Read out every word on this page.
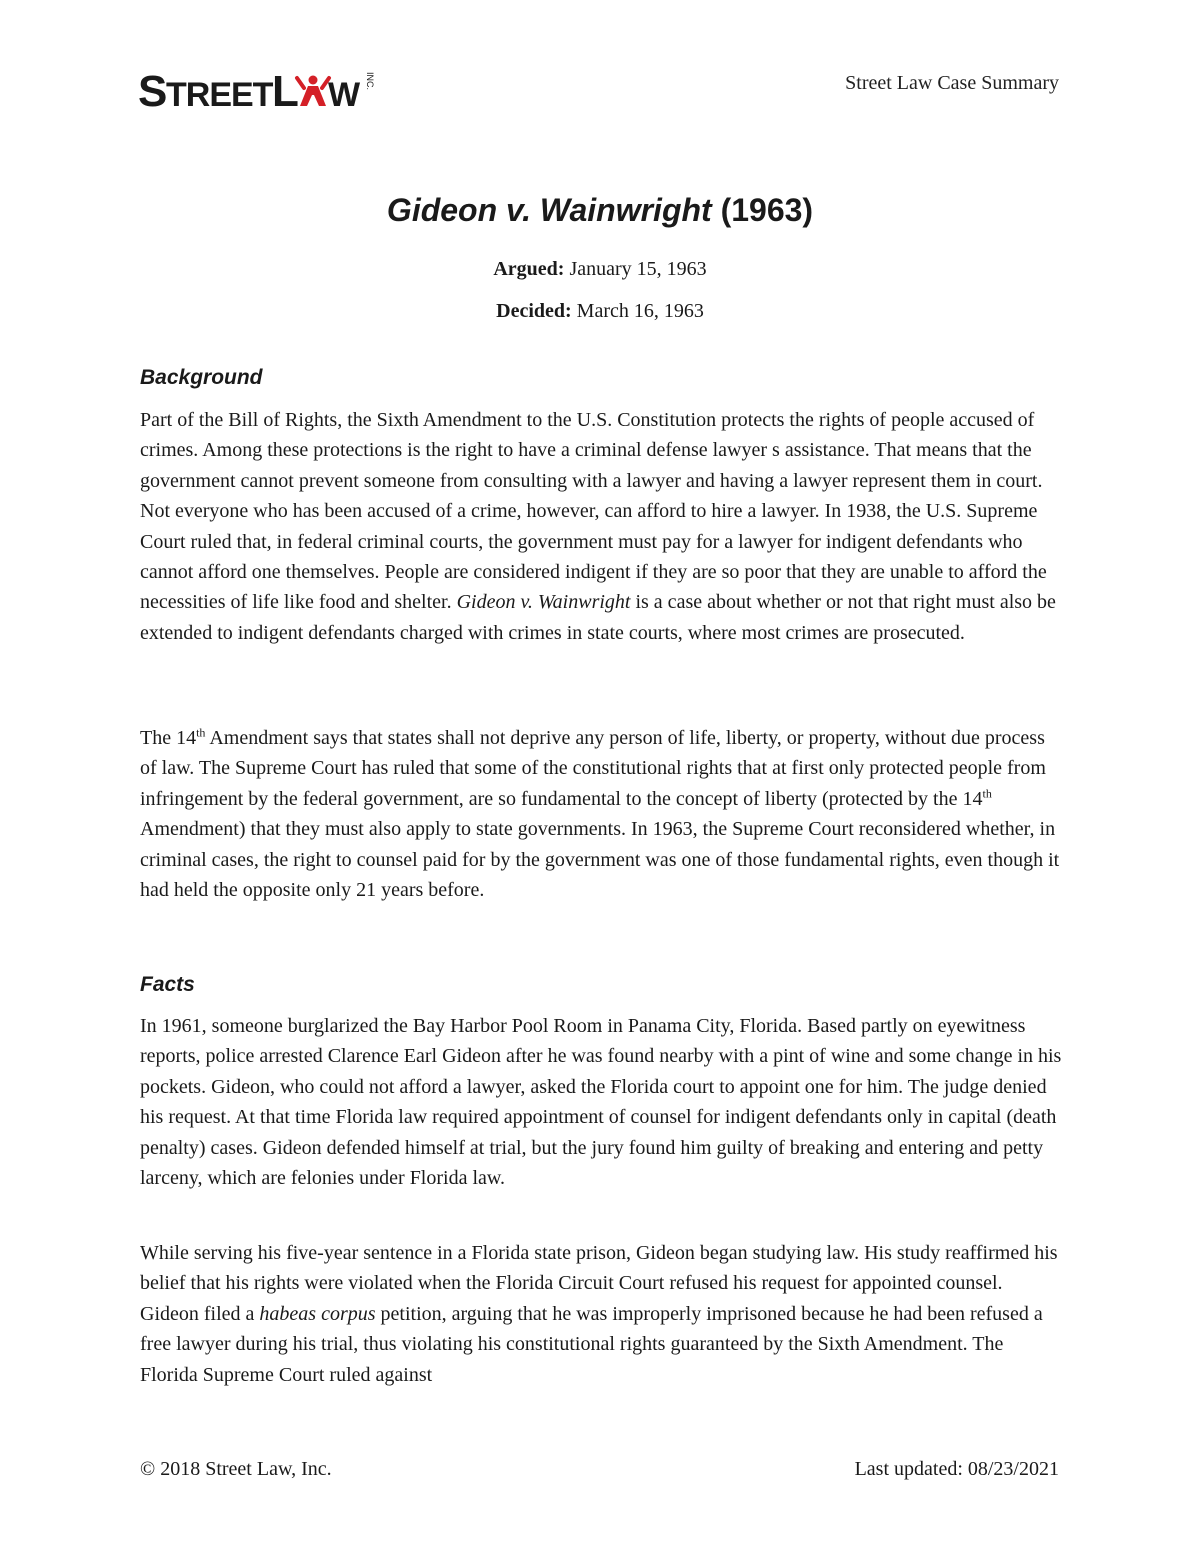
S TREET L W INC.	Street Law Case Summary
Gideon v. Wainwright (1963)
Argued: January 15, 1963
Decided: March 16, 1963
Background

Part of the Bill of Rights, the Sixth Amendment to the U.S. Constitution protects the rights of people accused of crimes. Among these protections is the right to have a criminal defense lawyer s assistance. That means that the government cannot prevent someone from consulting with a lawyer and having a lawyer represent them in court. Not everyone who has been accused of a crime, however, can afford to hire a lawyer. In 1938, the U.S. Supreme Court ruled that, in federal criminal courts, the government must pay for a lawyer for indigent defendants who cannot afford one themselves. People are considered indigent if they are so poor that they are unable to afford the necessities of life like food and shelter. Gideon v. Wainwright is a case about whether or not that right must also be extended to indigent defendants charged with crimes in state courts, where most crimes are prosecuted.

The 14th Amendment says that states shall not deprive any person of life, liberty, or property, without due process of law. The Supreme Court has ruled that some of the constitutional rights that at first only protected people from infringement by the federal government, are so fundamental to the concept of liberty (protected by the 14th Amendment) that they must also apply to state governments. In 1963, the Supreme Court reconsidered whether, in criminal cases, the right to counsel paid for by the government was one of those fundamental rights, even though it had held the opposite only 21 years before.

Facts

In 1961, someone burglarized the Bay Harbor Pool Room in Panama City, Florida. Based partly on eyewitness reports, police arrested Clarence Earl Gideon after he was found nearby with a pint of wine and some change in his pockets. Gideon, who could not afford a lawyer, asked the Florida court to appoint one for him. The judge denied his request. At that time Florida law required appointment of counsel for indigent defendants only in capital (death penalty) cases. Gideon defended himself at trial, but the jury found him guilty of breaking and entering and petty larceny, which are felonies under Florida law.

While serving his five-year sentence in a Florida state prison, Gideon began studying law. His study reaffirmed his belief that his rights were violated when the Florida Circuit Court refused his request for appointed counsel. Gideon filed a habeas corpus petition, arguing that he was improperly imprisoned because he had been refused a free lawyer during his trial, thus violating his constitutional rights guaranteed by the Sixth Amendment. The Florida Supreme Court ruled against

© 2018 Street Law, Inc.	Last updated: 08/23/2021
